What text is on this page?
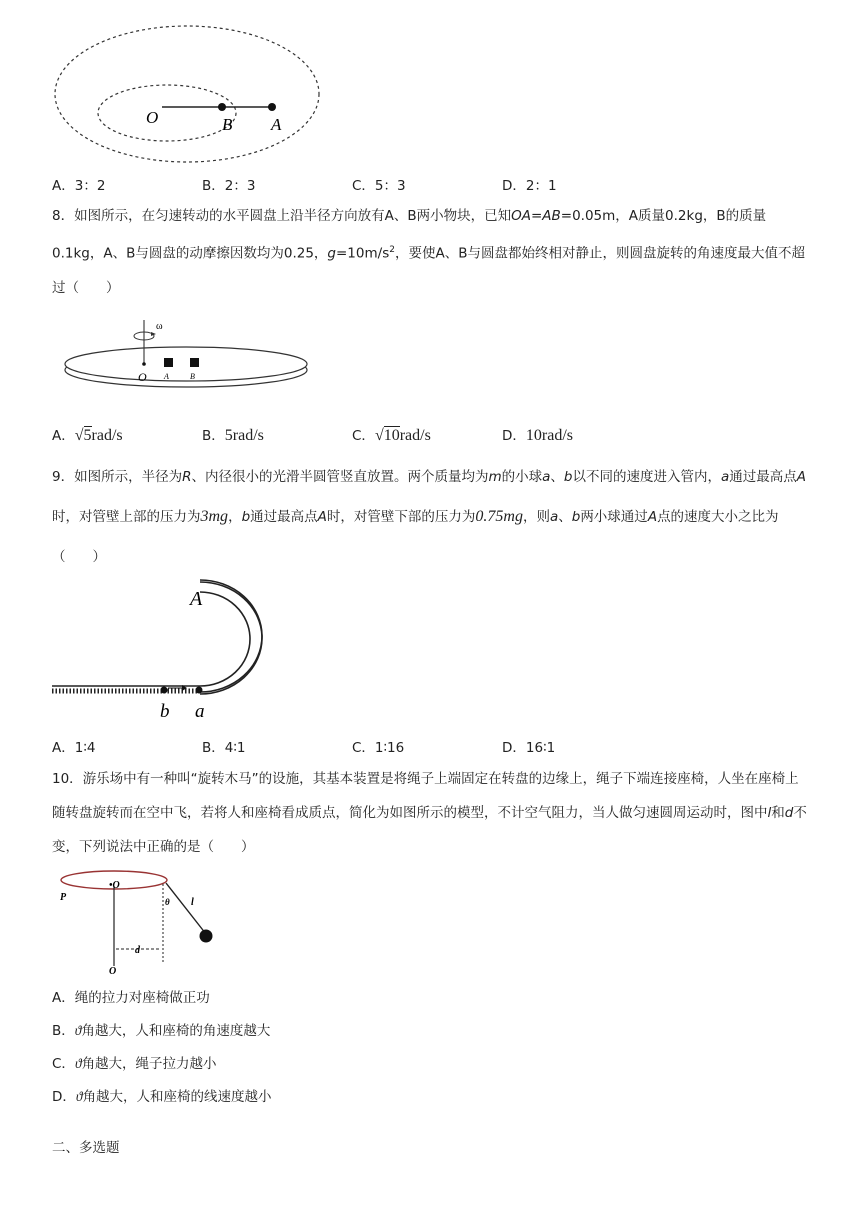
O	B A
A．3：2	B．2：3	C．5：3	D．2：1
8．如图所示，在匀速转动的水平圆盘上沿半径方向放有A、B两小物块，已知OA=AB=0.05m，A质量0.2kg，B的质量0.1kg，A、B与圆盘的动摩擦因数均为0.25，$g=10m/s^2$，要使A、B与圆盘都始终相对静止，则圆盘旋转的角速度最大值不超过（　　）
ω
O A	B
A．√5rad/s	B．5rad/s	C．√10rad/s	D．10rad/s
9．如图所示，半径为R、内径很小的光滑半圆管竖直放置。两个质量均为m的小球a、b以不同的速度进入管内，a通过最高点A时，对管壁上部的压力为3mg，b通过最高点A时，对管壁下部的压力为0.75mg，则a、b两小球通过A点的速度大小之比为（　　）
A
b a
A．1∶4	B．4∶1	C．1∶16	D．16∶1
10．游乐场中有一种叫“旋转木马”的设施，其基本装置是将绳子上端固定在转盘的边缘上，绳子下端连接座椅，人坐在座椅上随转盘旋转而在空中飞，若将人和座椅看成质点，简化为如图所示的模型，不计空气阻力，当人做匀速圆周运动时，图中l和d不变，下列说法中正确的是（　　）
P
•O
θ l
d
O
A．绳的拉力对座椅做正功
B．ϑ角越大，人和座椅的角速度越大
C．ϑ角越大，绳子拉力越小
D．ϑ角越大，人和座椅的线速度越小
二、多选题
